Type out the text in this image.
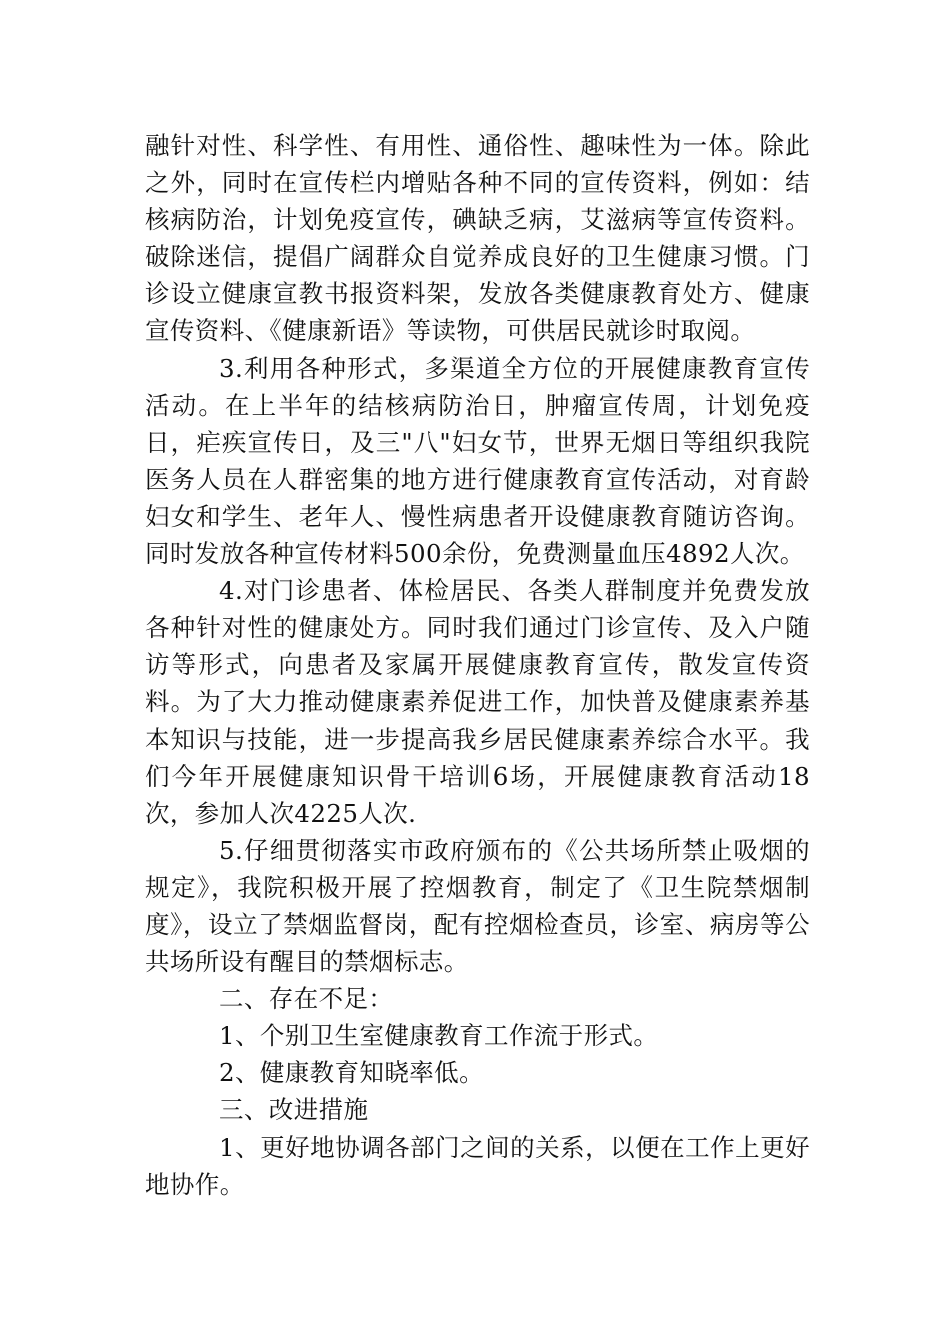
融针对性、科学性、有用性、通俗性、趣味性为一体。除此之外，同时在宣传栏内增贴各种不同的宣传资料，例如：结核病防治，计划免疫宣传，碘缺乏病，艾滋病等宣传资料。破除迷信，提倡广阔群众自觉养成良好的卫生健康习惯。门诊设立健康宣教书报资料架，发放各类健康教育处方、健康宣传资料、《健康新语》等读物，可供居民就诊时取阅。

3.利用各种形式，多渠道全方位的开展健康教育宣传活动。在上半年的结核病防治日，肿瘤宣传周，计划免疫日，疟疾宣传日，及三"八"妇女节，世界无烟日等组织我院医务人员在人群密集的地方进行健康教育宣传活动，对育龄妇女和学生、老年人、慢性病患者开设健康教育随访咨询。同时发放各种宣传材料500余份，免费测量血压4892人次。

4.对门诊患者、体检居民、各类人群制度并免费发放各种针对性的健康处方。同时我们通过门诊宣传、及入户随访等形式，向患者及家属开展健康教育宣传，散发宣传资料。为了大力推动健康素养促进工作，加快普及健康素养基本知识与技能，进一步提高我乡居民健康素养综合水平。我们今年开展健康知识骨干培训6场，开展健康教育活动18次，参加人次4225人次.

5.仔细贯彻落实市政府颁布的《公共场所禁止吸烟的规定》，我院积极开展了控烟教育，制定了《卫生院禁烟制度》，设立了禁烟监督岗，配有控烟检查员，诊室、病房等公共场所设有醒目的禁烟标志。

二、存在不足：

1、个别卫生室健康教育工作流于形式。

2、健康教育知晓率低。

三、改进措施

1、更好地协调各部门之间的关系，以便在工作上更好地协作。
